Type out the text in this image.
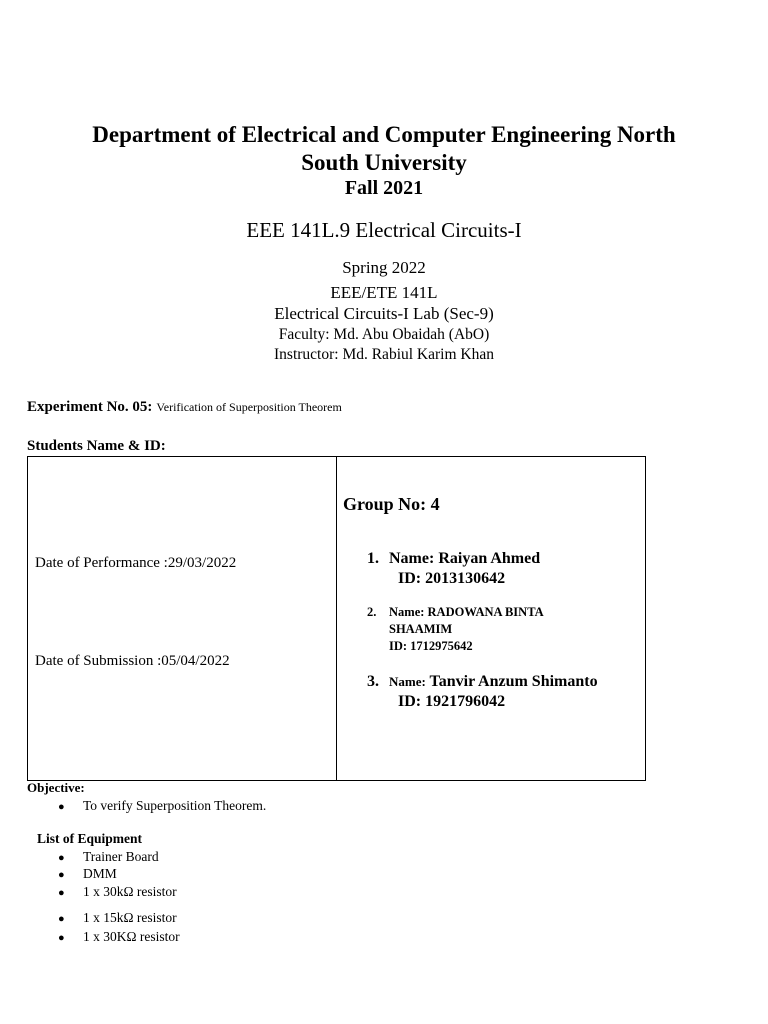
Department of Electrical and Computer Engineering North
South University
Fall 2021
EEE 141L.9 Electrical Circuits-I
Spring 2022
EEE/ETE 141L
Electrical Circuits-I Lab (Sec-9)
Faculty: Md. Abu Obaidah (AbO)
Instructor: Md. Rabiul Karim Khan
Experiment No. 05: Verification of Superposition Theorem
Students Name & ID:
Date of Performance :29/03/2022
Date of Submission :05/04/2022
Group No: 4
1. Name: Raiyan Ahmed
ID: 2013130642
2. Name: RADOWANA BINTA
SHAAMIM
ID: 1712975642
3. Name: Tanvir Anzum Shimanto
ID: 1921796042
Objective:
● To verify Superposition Theorem.
List of Equipment
● Trainer Board
● DMM
● 1 x 30kΩ resistor
● 1 x 15kΩ resistor
● 1 x 30KΩ resistor
